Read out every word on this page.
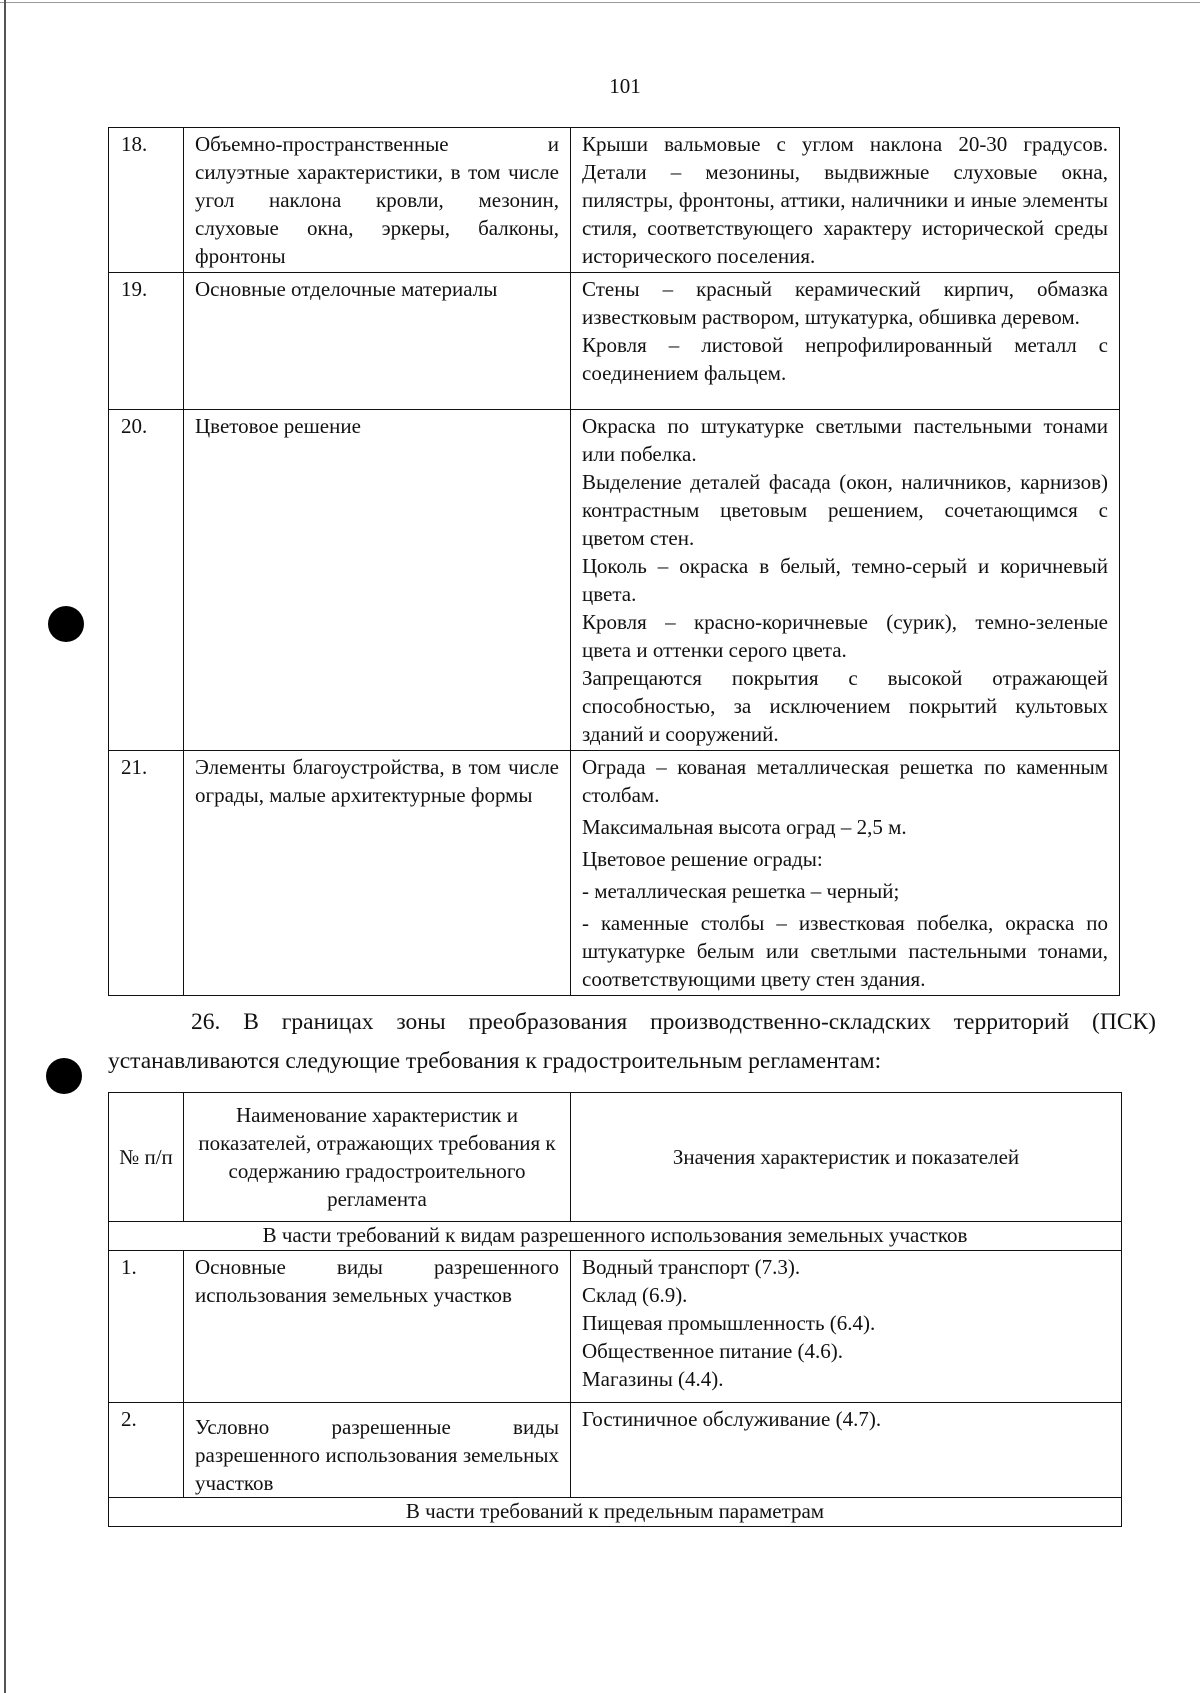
101
18.	Объемно-пространственные и силуэтные характеристики, в том числе угол наклона кровли, мезонин, слуховые окна, эркеры, балконы, фронтоны	Крыши вальмовые с углом наклона 20-30 градусов. Детали – мезонины, выдвижные слуховые окна, пилястры, фронтоны, аттики, наличники и иные элементы стиля, соответствующего характеру исторической среды исторического поселения.

19.	Основные отделочные материалы	Стены – красный керамический кирпич, обмазка известковым раствором, штукатурка, обшивка деревом.

Кровля – листовой непрофилированный металл с соединением фальцем.

20.	Цветовое решение	Окраска по штукатурке светлыми пастельными тонами или побелка.

Выделение деталей фасада (окон, наличников, карнизов) контрастным цветовым решением, сочетающимся с цветом стен.

Цоколь – окраска в белый, темно-серый и коричневый цвета.

Кровля – красно-коричневые (сурик), темно-зеленые цвета и оттенки серого цвета.

Запрещаются покрытия с высокой отражающей способностью, за исключением покрытий культовых зданий и сооружений.

21.	Элементы благоустройства, в том числе ограды, малые архитектурные формы	Ограда – кованая металлическая решетка по каменным столбам.

Максимальная высота оград – 2,5 м.

Цветовое решение ограды:

- металлическая решетка – черный;

- каменные столбы – известковая побелка, окраска по штукатурке белым или светлыми пастельными тонами, соответствующими цвету стен здания.

26. В границах зоны преобразования производственно-складских территорий (ПСК) устанавливаются следующие требования к градостроительным регламентам:
№ п/п	Наименование характеристик и показателей, отражающих требования к содержанию градостроительного регламента	Значения характеристик и показателей
В части требований к видам разрешенного использования земельных участков		
1.	Основные виды разрешенного использования земельных участков	Водный транспорт (7.3).

Склад (6.9).

Пищевая промышленность (6.4).

Общественное питание (4.6).

Магазины (4.4).

2.	Условно разрешенные виды разрешенного использования земельных участков	Гостиничное обслуживание (4.7).

В части требований к предельным параметрам		
